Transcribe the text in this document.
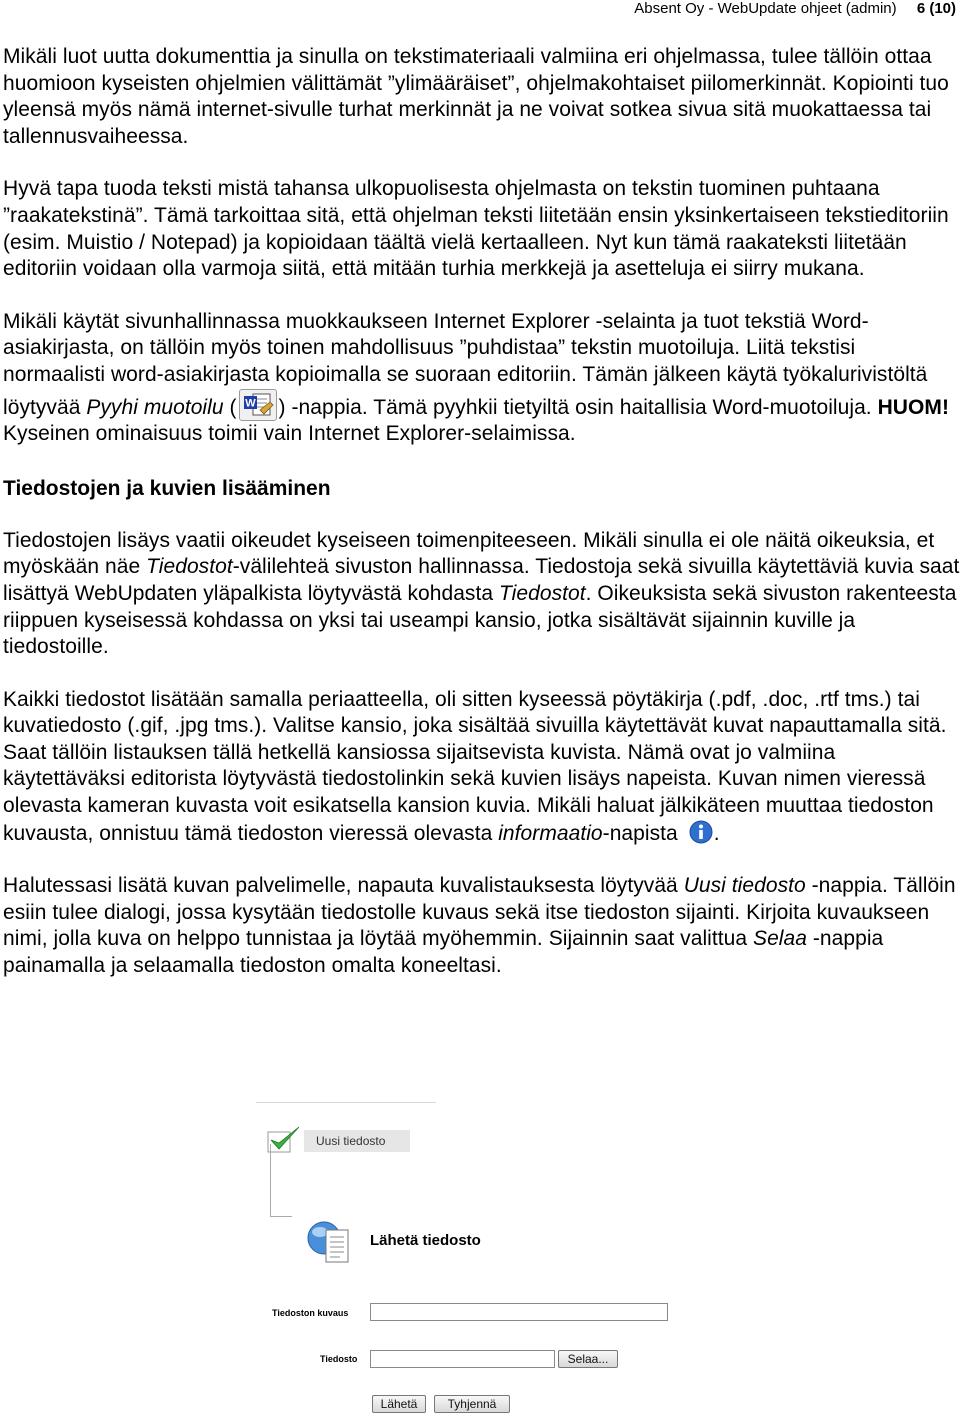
Absent Oy - WebUpdate ohjeet (admin) 6 (10)

Mikäli luot uutta dokumenttia ja sinulla on tekstimateriaali valmiina eri ohjelmassa, tulee tällöin ottaa huomioon kyseisten ohjelmien välittämät ”ylimääräiset”, ohjelmakohtaiset piilomerkinnät. Kopiointi tuo yleensä myös nämä internet-sivulle turhat merkinnät ja ne voivat sotkea sivua sitä muokattaessa tai tallennusvaiheessa.

Hyvä tapa tuoda teksti mistä tahansa ulkopuolisesta ohjelmasta on tekstin tuominen puhtaana ”raakatekstinä”. Tämä tarkoittaa sitä, että ohjelman teksti liitetään ensin yksinkertaiseen tekstieditoriin (esim. Muistio / Notepad) ja kopioidaan täältä vielä kertaalleen. Nyt kun tämä raakateksti liitetään editoriin voidaan olla varmoja siitä, että mitään turhia merkkejä ja asetteluja ei siirry mukana.

Mikäli käytät sivunhallinnassa muokkaukseen Internet Explorer -selainta ja tuot tekstiä Word-asiakirjasta, on tällöin myös toinen mahdollisuus ”puhdistaa” tekstin muotoiluja. Liitä tekstisi normaalisti word-asiakirjasta kopioimalla se suoraan editoriin. Tämän jälkeen käytä työkalurivistöltä löytyvää Pyyhi muotoilu ( W ) -nappia. Tämä pyyhkii tietyiltä osin haitallisia Word-muotoiluja. HUOM! Kyseinen ominaisuus toimii vain Internet Explorer-selaimissa.

Tiedostojen ja kuvien lisääminen

Tiedostojen lisäys vaatii oikeudet kyseiseen toimenpiteeseen. Mikäli sinulla ei ole näitä oikeuksia, et myöskään näe Tiedostot-välilehteä sivuston hallinnassa. Tiedostoja sekä sivuilla käytettäviä kuvia saat lisättyä WebUpdaten yläpalkista löytyvästä kohdasta Tiedostot. Oikeuksista sekä sivuston rakenteesta riippuen kyseisessä kohdassa on yksi tai useampi kansio, jotka sisältävät sijainnin kuville ja tiedostoille.

Kaikki tiedostot lisätään samalla periaatteella, oli sitten kyseessä pöytäkirja (.pdf, .doc, .rtf tms.) tai kuvatiedosto (.gif, .jpg tms.). Valitse kansio, joka sisältää sivuilla käytettävät kuvat napauttamalla sitä. Saat tällöin listauksen tällä hetkellä kansiossa sijaitsevista kuvista. Nämä ovat jo valmiina käytettäväksi editorista löytyvästä tiedostolinkin sekä kuvien lisäys napeista. Kuvan nimen vieressä olevasta kameran kuvasta voit esikatsella kansion kuvia. Mikäli haluat jälkikäteen muuttaa tiedoston kuvausta, onnistuu tämä tiedoston vieressä olevasta informaatio-napista .

Halutessasi lisätä kuvan palvelimelle, napauta kuvalistauksesta löytyvää Uusi tiedosto -nappia. Tällöin esiin tulee dialogi, jossa kysytään tiedostolle kuvaus sekä itse tiedoston sijainti. Kirjoita kuvaukseen nimi, jolla kuva on helppo tunnistaa ja löytää myöhemmin. Sijainnin saat valittua Selaa -nappia painamalla ja selaamalla tiedoston omalta koneeltasi.

Uusi tiedosto
Lähetä tiedosto
Tiedoston kuvaus
Tiedosto	Selaa...
Lähetä	Tyhjennä
